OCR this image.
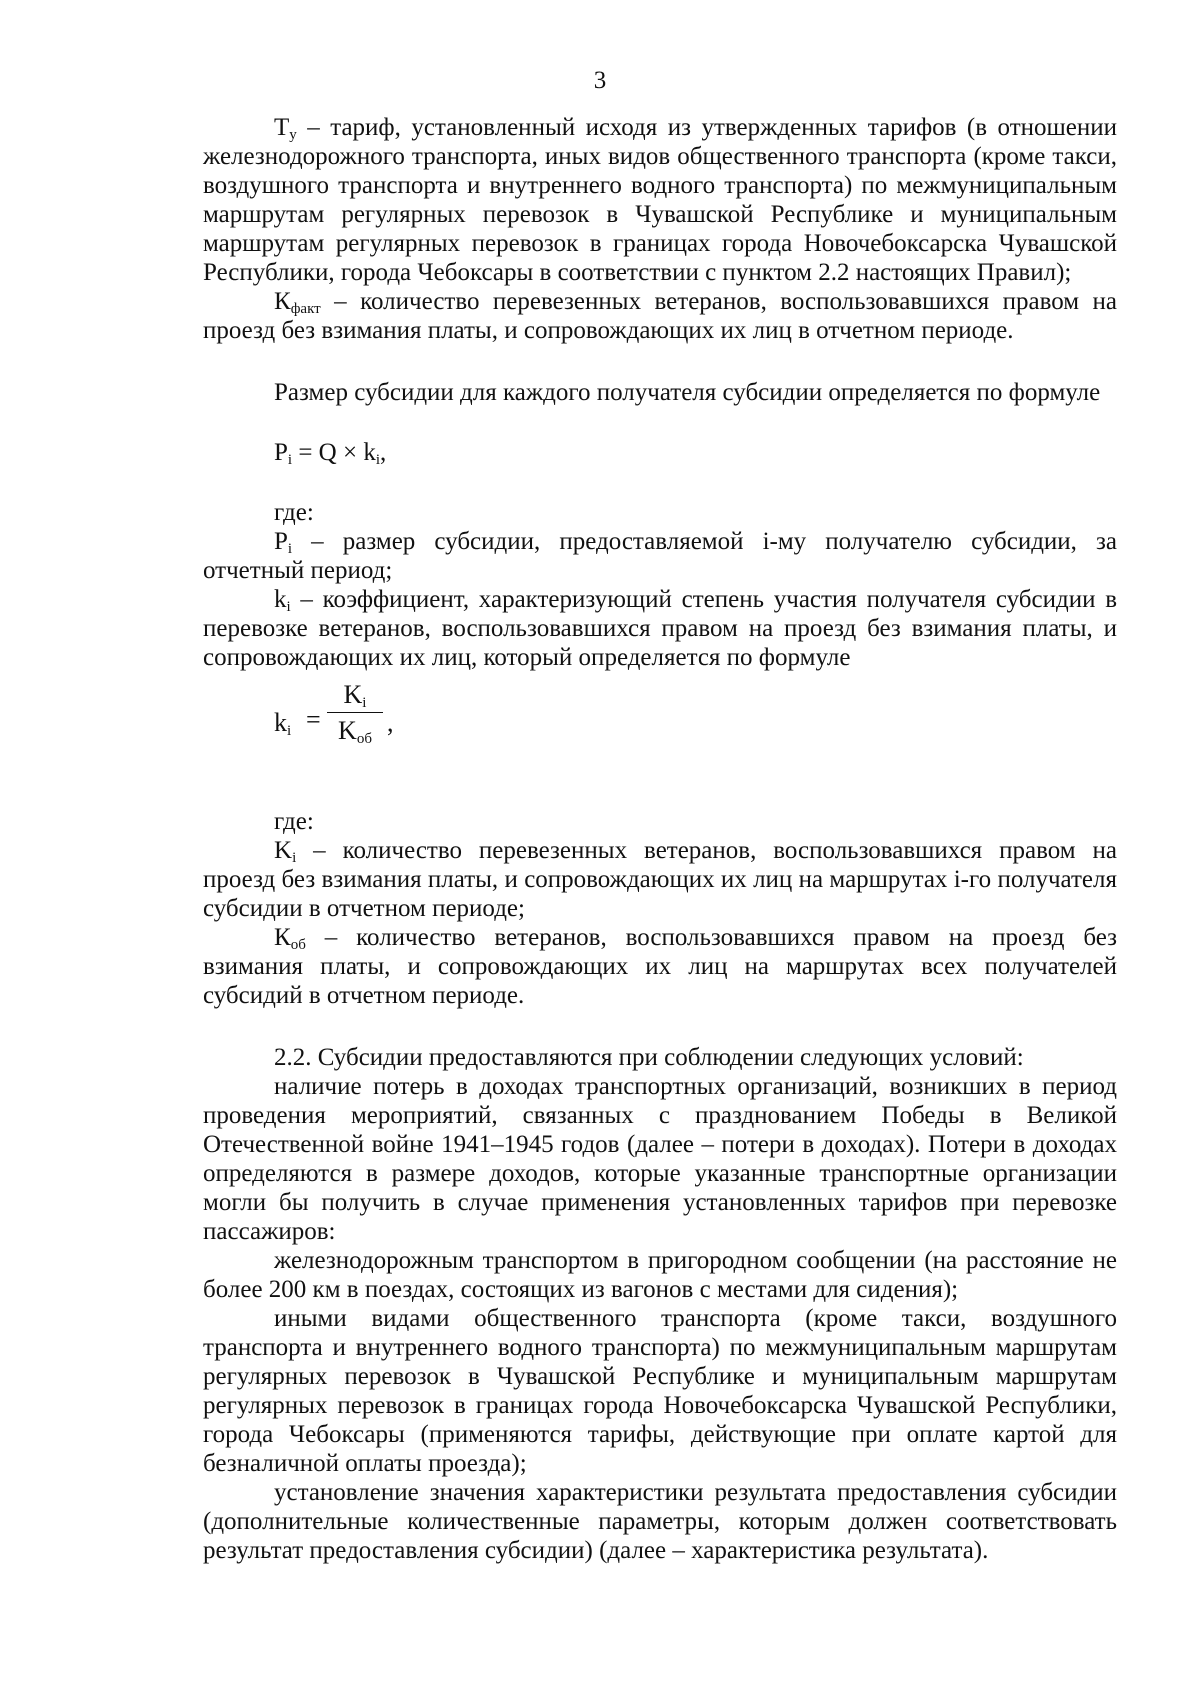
3

$Т_у$ – тариф, установленный исходя из утвержденных тарифов (в отношении железнодорожного транспорта, иных видов общественного транспорта (кроме такси, воздушного транспорта и внутреннего водного транспорта) по межмуниципальным маршрутам регулярных перевозок в Чувашской Республике и муниципальным маршрутам регулярных перевозок в границах города Новочебоксарска Чувашской Республики, города Чебоксары в соответствии с пунктом 2.2 настоящих Правил);

$К_{факт}$ – количество перевезенных ветеранов, воспользовавшихся правом на проезд без взимания платы, и сопровождающих их лиц в отчетном периоде.

Размер субсидии для каждого получателя субсидии определяется по формуле

$P_i = Q \times k_i$,

где:

$P_i$ – размер субсидии, предоставляемой i-му получателю субсидии, за отчетный период;

$k_i$ – коэффициент, характеризующий степень участия получателя субсидии в перевозке ветеранов, воспользовавшихся правом на проезд без взимания платы, и сопровождающих их лиц, который определяется по формуле

$k_i$ =
$K_i$
$K_{об}$
,

где:

$K_i$ – количество перевезенных ветеранов, воспользовавшихся правом на проезд без взимания платы, и сопровождающих их лиц на маршрутах i-го получателя субсидии в отчетном периоде;

$К_{об}$ – количество ветеранов, воспользовавшихся правом на проезд без взимания платы, и сопровождающих их лиц на маршрутах всех получателей субсидий в отчетном периоде.

2.2. Субсидии предоставляются при соблюдении следующих условий:

наличие потерь в доходах транспортных организаций, возникших в период проведения мероприятий, связанных с празднованием Победы в Великой Отечественной войне 1941–1945 годов (далее – потери в доходах). Потери в доходах определяются в размере доходов, которые указанные транспортные организации могли бы получить в случае применения установленных тарифов при перевозке пассажиров:

железнодорожным транспортом в пригородном сообщении (на расстояние не более 200 км в поездах, состоящих из вагонов с местами для сидения);

иными видами общественного транспорта (кроме такси, воздушного транспорта и внутреннего водного транспорта) по межмуниципальным маршрутам регулярных перевозок в Чувашской Республике и муниципальным маршрутам регулярных перевозок в границах города Новочебоксарска Чувашской Республики, города Чебоксары (применяются тарифы, действующие при оплате картой для безналичной оплаты проезда);

установление значения характеристики результата предоставления субсидии (дополнительные количественные параметры, которым должен соответствовать результат предоставления субсидии) (далее – характеристика результата).
